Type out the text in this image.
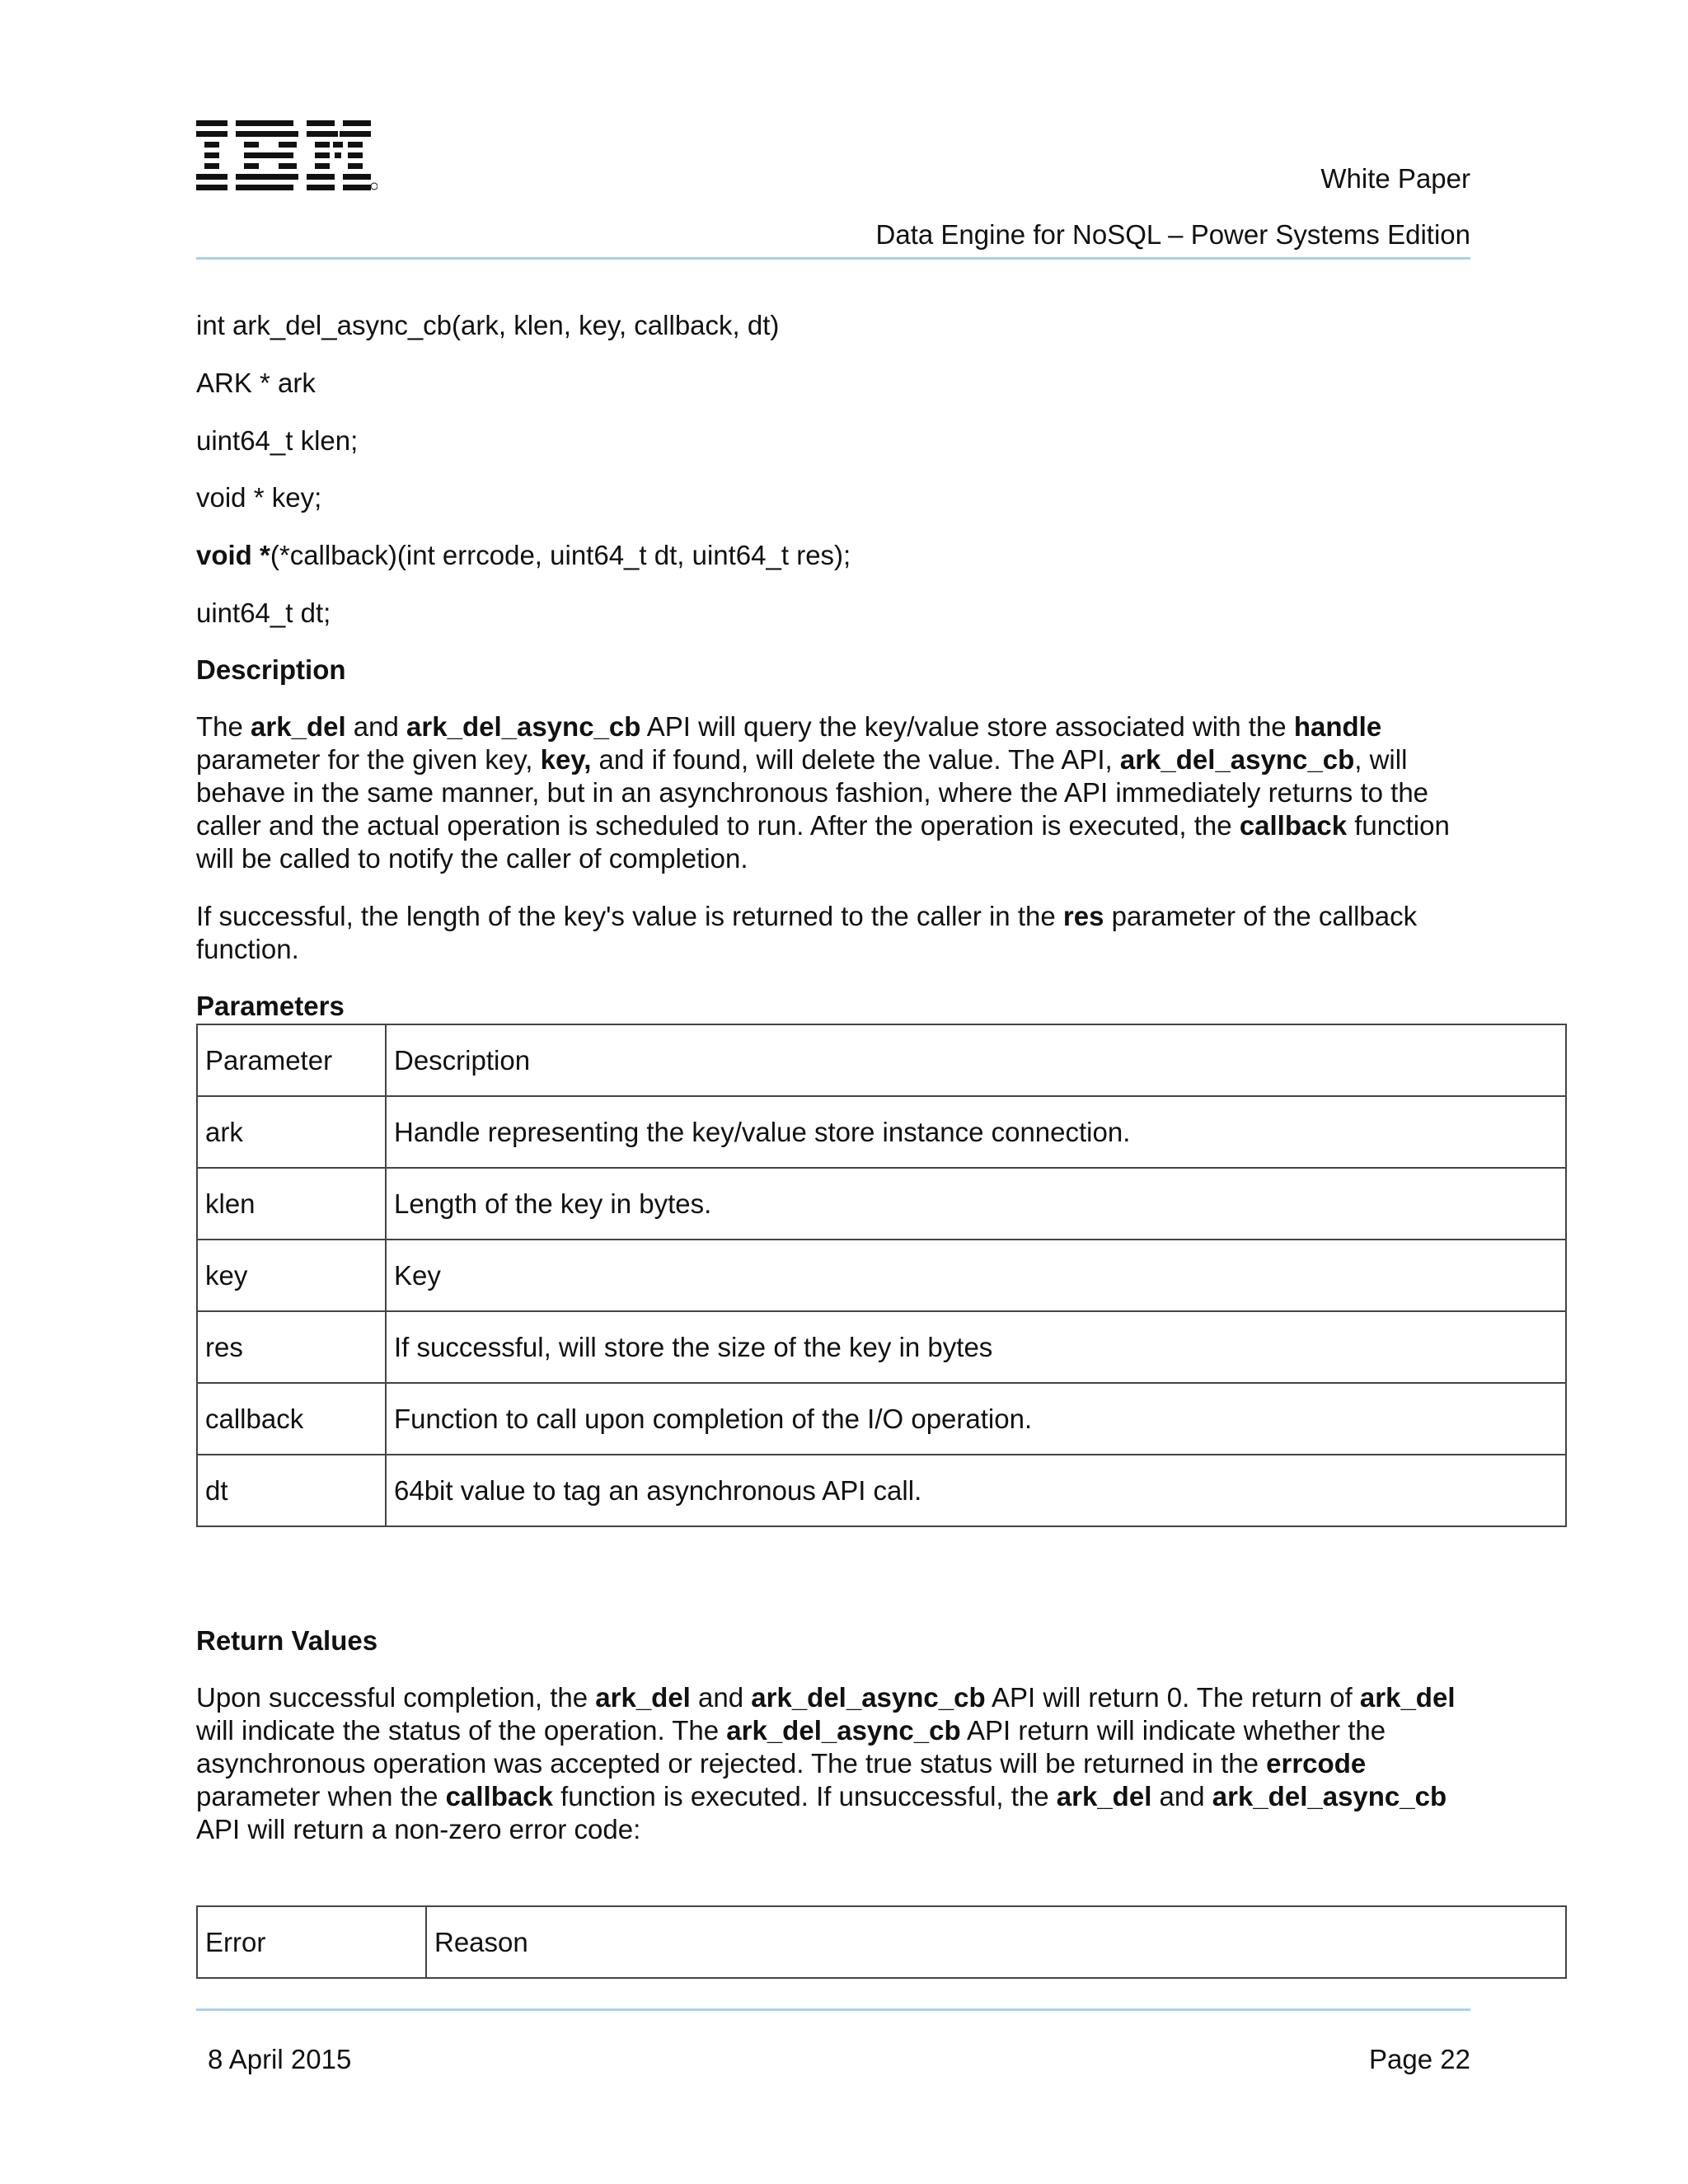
White Paper
Data Engine for NoSQL – Power Systems Edition
int ark_del_async_cb(ark, klen, key, callback, dt)
ARK * ark
uint64_t klen;
void * key;
void *(*callback)(int errcode, uint64_t dt, uint64_t res);
uint64_t dt;
Description
The ark_del and ark_del_async_cb API will query the key/value store associated with the handle parameter for the given key, key, and if found, will delete the value. The API, ark_del_async_cb, will behave in the same manner, but in an asynchronous fashion, where the API immediately returns to the caller and the actual operation is scheduled to run. After the operation is executed, the callback function will be called to notify the caller of completion.
If successful, the length of the key's value is returned to the caller in the res parameter of the callback function.
Parameters
Parameter	Description
ark	Handle representing the key/value store instance connection.
klen	Length of the key in bytes.
key	Key
res	If successful, will store the size of the key in bytes
callback	Function to call upon completion of the I/O operation.
dt	64bit value to tag an asynchronous API call.
Return Values
Upon successful completion, the ark_del and ark_del_async_cb API will return 0. The return of ark_del will indicate the status of the operation. The ark_del_async_cb API return will indicate whether the asynchronous operation was accepted or rejected. The true status will be returned in the errcode parameter when the callback function is executed. If unsuccessful, the ark_del and ark_del_async_cb API will return a non-zero error code:
Error	Reason
8 April 2015	Page 22
